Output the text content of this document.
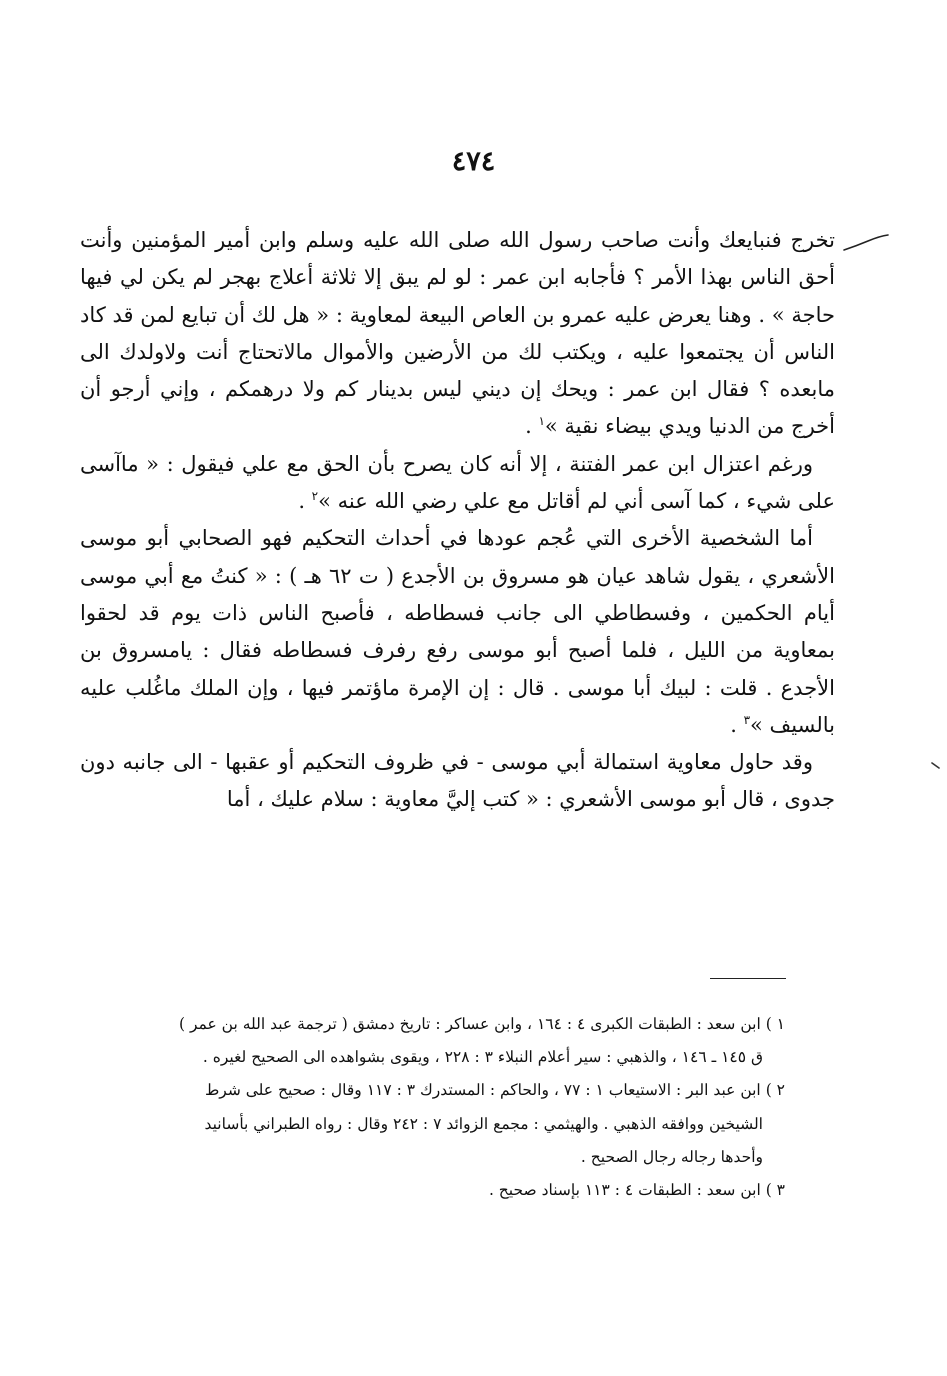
٤٧٤

تخرج فنبايعك وأنت صاحب رسول الله صلى الله عليه وسلم وابن أمير المؤمنين وأنت أحق الناس بهذا الأمر ؟ فأجابه ابن عمر : لو لم يبق إلا ثلاثة أعلاج بهجر لم يكن لي فيها حاجة » . وهنا يعرض عليه عمرو بن العاص البيعة لمعاوية : « هل لك أن تبايع لمن قد كاد الناس أن يجتمعوا عليه ، ويكتب لك من الأرضين والأموال مالاتحتاج أنت ولاولدك الى مابعده ؟ فقال ابن عمر : ويحك إن ديني ليس بدينار كم ولا درهمكم ، وإني أرجو أن أخرج من الدنيا ويدي بيضاء نقية »$^١$ .

ورغم اعتزال ابن عمر الفتنة ، إلا أنه كان يصرح بأن الحق مع علي فيقول : « ماآسى على شيء ، كما آسى أني لم أقاتل مع علي رضي الله عنه »$^٢$ .

أما الشخصية الأخرى التي عُجم عودها في أحداث التحكيم فهو الصحابي أبو موسى الأشعري ، يقول شاهد عيان هو مسروق بن الأجدع ( ت ٦٢ هـ ) : « كنتُ مع أبي موسى أيام الحكمين ، وفسطاطي الى جانب فسطاطه ، فأصبح الناس ذات يوم قد لحقوا بمعاوية من الليل ، فلما أصبح أبو موسى رفع رفرف فسطاطه فقال : يامسروق بن الأجدع . قلت : لبيك أبا موسى . قال : إن الإمرة ماؤتمر فيها ، وإن الملك ماغُلب عليه بالسيف »$^٣$ .

وقد حاول معاوية استمالة أبي موسى - في ظروف التحكيم أو عقبها - الى جانبه دون جدوى ، قال أبو موسى الأشعري : « كتب إليَّ معاوية : سلام عليك ، أما

١ ) ابن سعد : الطبقات الكبرى ٤ : ١٦٤ ، وابن عساكر : تاريخ دمشق ( ترجمة عبد الله بن عمر )

ق ١٤٥ ـ ١٤٦ ، والذهبي : سير أعلام النبلاء ٣ : ٢٢٨ ، ويقوى بشواهده الى الصحيح لغيره .

٢ ) ابن عبد البر : الاستيعاب ١ : ٧٧ ، والحاكم : المستدرك ٣ : ١١٧ وقال : صحيح على شرط

الشيخين ووافقه الذهبي . والهيثمي : مجمع الزوائد ٧ : ٢٤٢ وقال : رواه الطبراني بأسانيد

وأحدها رجاله رجال الصحيح .

٣ ) ابن سعد : الطبقات ٤ : ١١٣ بإسناد صحيح .
